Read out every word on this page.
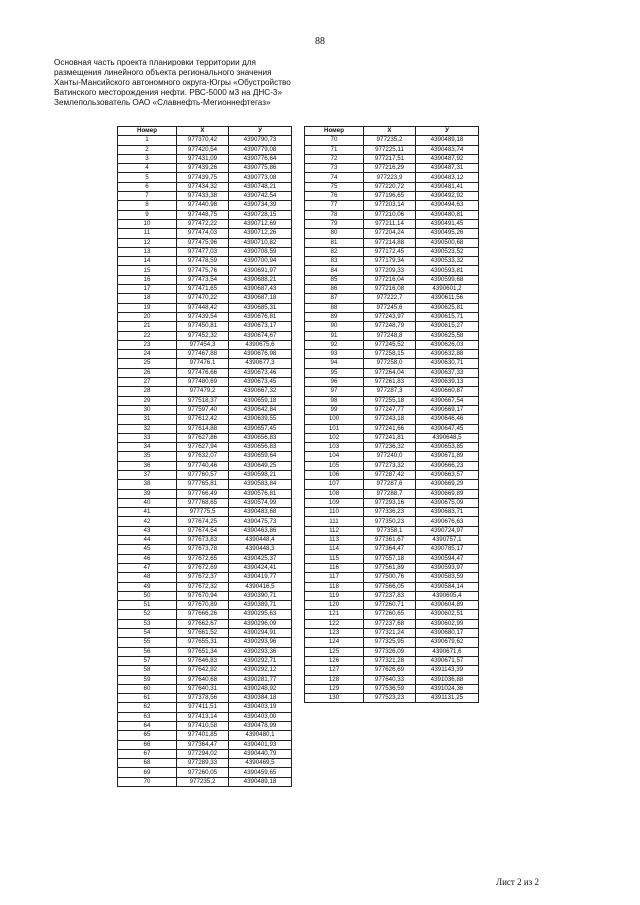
88
Основная часть проекта планировки территории для
размещения линейного объекта регионального значения
Ханты-Мансийского автономного округа-Югры «Обустройство
Ватинского месторождения нефти. РВС-5000 м3 на ДНС-3»
Землепользователь ОАО «Славнефть-Мегионнефтегаз»
Номер	X	У
1	977370,42	4390790,73
2	977420,54	4390779,08
3	977431,09	4390776,64
4	977439,26	4390775,86
5	977439,75	4390773,08
6	977434,32	4390748,21
7	977433,38	4390742,54
8	977440,98	4390734,39
9	977448,75	4390728,15
10	977472,22	4390712,69
11	977474,03	4390712,26
12	977475,96	4390710,82
13	977477,03	4390708,59
14	977478,59	4390700,94
15	977475,76	4390691,97
16	977473,54	4390688,21
17	977471,65	4390687,43
18	977470,22	4390687,18
19	977448,42	4390685,31
20	977439,54	4390676,81
21	977450,81	4390673,17
22	977452,32	4390674,67
23	977454,3	4390675,6
24	977467,88	4390676,98
25	977476,1	4390677,3
26	977476,66	4390673,46
27	977480,69	4390673,45
28	977479,2	4390667,32
29	977518,37	4390659,18
30	977597,40	4390642,84
31	977612,42	4390639,55
32	977614,88	4390657,45
33	977627,86	4390656,83
34	977627,94	4390656,83
35	977632,07	4390659,64
36	977740,46	4390649,25
37	977760,57	4390598,21
38	977765,81	4390583,84
39	977766,49	4390576,81
40	977768,65	4390574,99
41	977775,5	4390483,68
42	977674,25	4390475,73
43	977674,54	4390463,86
44	977673,83	4390448,4
45	977673,78	4390448,3
46	977672,65	4390425,37
47	977672,69	4390424,41
48	977672,37	4390419,77
49	977672,32	4390416,5
50	977670,94	4390390,71
51	977670,89	4390389,71
52	977666,26	4390295,63
53	977662,67	4390296,09
54	977661,52	4390294,91
55	977655,31	4390293,96
56	977651,34	4390293,36
57	977646,83	4390292,71
58	977642,92	4390292,12
59	977640,68	4390281,77
60	977640,31	4390248,92
61	977378,56	4390384,18
62	977411,51	4390403,19
63	977413,14	4390403,00
64	977410,58	4390478,99
65	977401,85	4390480,1
66	977364,47	4390401,93
67	977294,02	4390440,79
68	977289,33	4390469,5
69	977260,05	4390459,65
70	977235,2	4390489,18
Номер	X	У
70	977235,2	4390489,18
71	977225,11	4390483,74
72	977217,51	4390487,92
73	977216,29	4390487,31
74	977223,9	4390483,12
75	977220,72	4390481,41
76	977196,65	4390492,92
77	977203,14	4390494,63
78	977210,06	4390480,81
79	977211,14	4390491,45
80	977204,24	4390495,26
81	977214,88	4390500,68
82	977172,45	4390523,52
83	977179,34	4390533,32
84	977209,33	4390593,81
85	977216,04	4390599,68
86	977216,08	4390601,2
87	977222,7	4390611,56
88	977245,6	4390625,81
89	977243,97	4390615,71
90	977248,79	4390615,27
91	977248,8	4390625,58
92	977245,52	4390626,03
93	977258,15	4390632,88
94	977258,0	4390630,71
95	977264,04	4390637,33
96	977261,83	4390639,13
97	977287,3	4390660,87
98	977255,18	4390667,54
99	977247,77	4390669,17
100	977243,18	4390646,46
101	977241,66	4390647,45
102	977241,81	4390648,5
103	977236,32	4390653,85
104	977240,0	4390671,89
105	977273,32	4390666,23
106	977287,42	4390663,57
107	977287,6	4390669,29
108	977288,7	4390669,89
109	977293,16	4390675,09
110	977336,23	4390683,71
111	977350,23	4390676,63
112	977358,1	4390724,97
113	977361,67	4390757,1
114	977364,47	4390785,17
115	977557,18	4390594,47
116	977561,89	4390593,97
117	977500,76	4390583,59
118	977566,05	4390584,14
119	977237,83	4390605,4
120	977260,71	4390604,89
121	977260,65	4390602,51
122	977237,68	4390602,99
123	977321,24	4390680,17
124	977325,95	4390679,62
125	977326,09	4390671,6
126	977321,28	4390671,57
127	977626,69	4391143,39
128	977640,33	4391036,88
129	977536,59	4391024,36
130	977523,23	4391131,25
Лист 2 из 2
